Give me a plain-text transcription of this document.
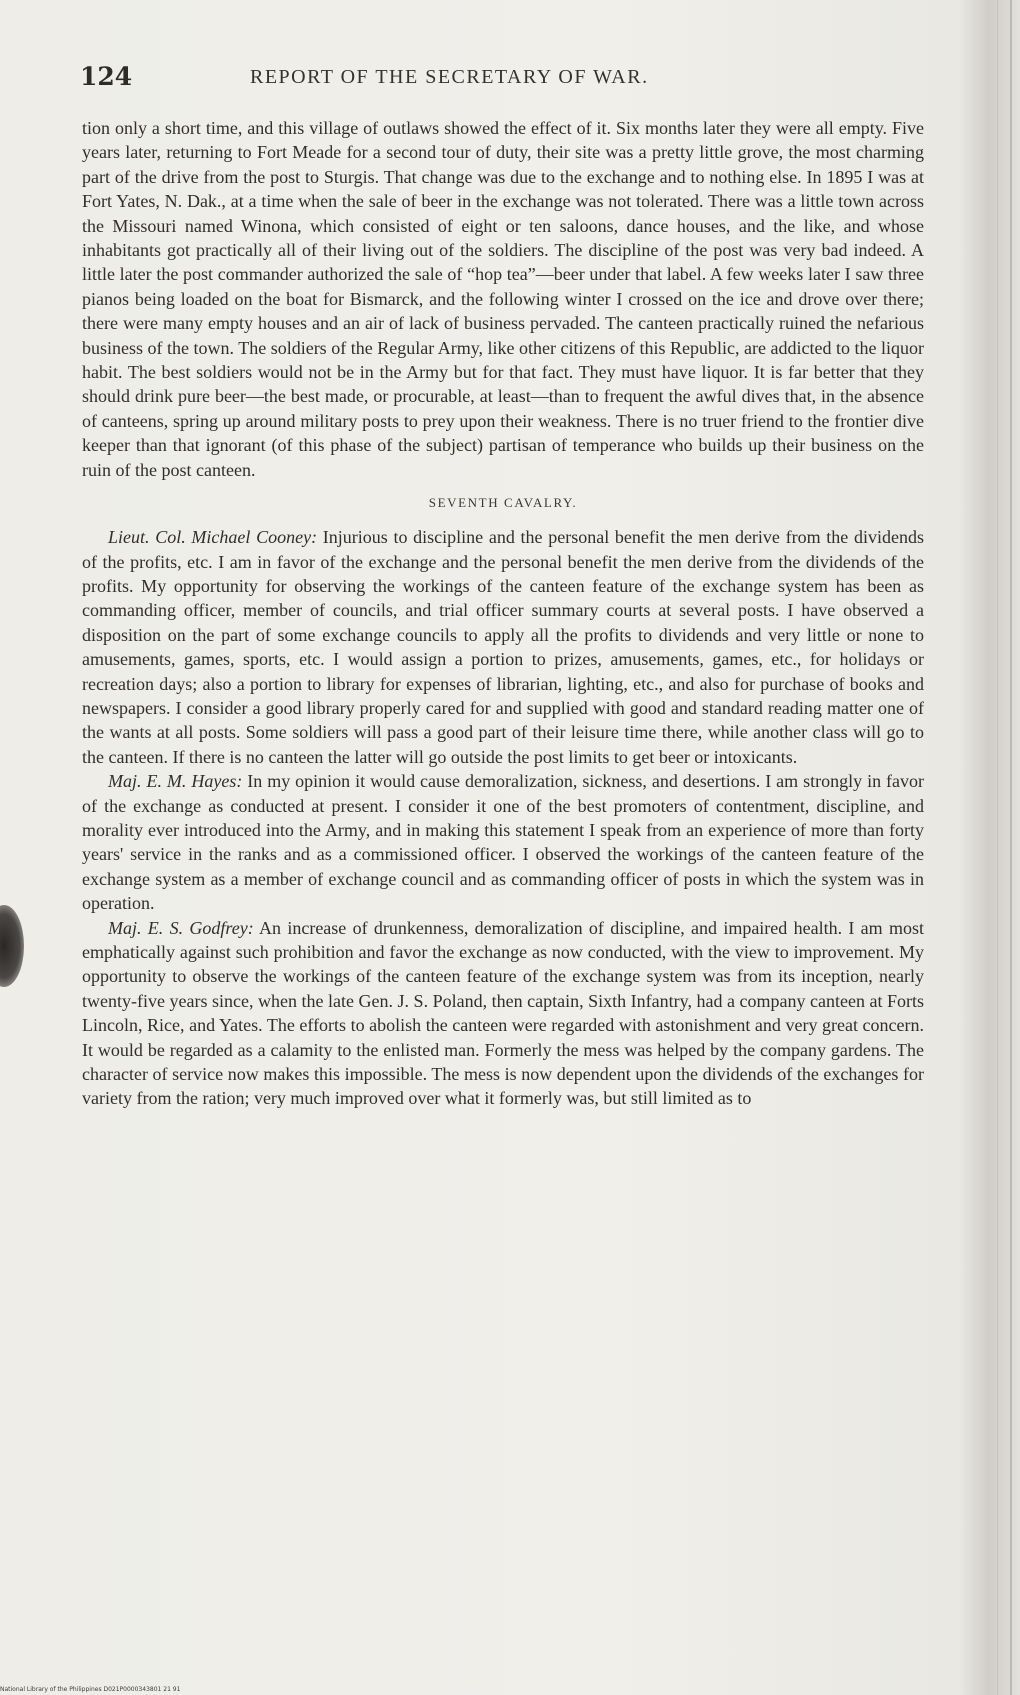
124	REPORT OF THE SECRETARY OF WAR.

tion only a short time, and this village of outlaws showed the effect of it. Six months later they were all empty. Five years later, returning to Fort Meade for a second tour of duty, their site was a pretty little grove, the most charming part of the drive from the post to Sturgis. That change was due to the exchange and to nothing else. In 1895 I was at Fort Yates, N. Dak., at a time when the sale of beer in the exchange was not tolerated. There was a little town across the Missouri named Winona, which consisted of eight or ten saloons, dance houses, and the like, and whose inhabitants got practically all of their living out of the soldiers. The discipline of the post was very bad indeed. A little later the post commander authorized the sale of “hop tea”—beer under that label. A few weeks later I saw three pianos being loaded on the boat for Bismarck, and the following winter I crossed on the ice and drove over there; there were many empty houses and an air of lack of business pervaded. The canteen practically ruined the nefarious business of the town. The soldiers of the Regular Army, like other citizens of this Republic, are addicted to the liquor habit. The best soldiers would not be in the Army but for that fact. They must have liquor. It is far better that they should drink pure beer—the best made, or procurable, at least—than to frequent the awful dives that, in the absence of canteens, spring up around military posts to prey upon their weakness. There is no truer friend to the frontier dive keeper than that ignorant (of this phase of the subject) partisan of temperance who builds up their business on the ruin of the post canteen.

SEVENTH CAVALRY.

Lieut. Col. Michael Cooney: Injurious to discipline and the personal benefit the men derive from the dividends of the profits, etc. I am in favor of the exchange and the personal benefit the men derive from the dividends of the profits. My opportunity for observing the workings of the canteen feature of the exchange system has been as commanding officer, member of councils, and trial officer summary courts at several posts. I have observed a disposition on the part of some exchange councils to apply all the profits to dividends and very little or none to amusements, games, sports, etc. I would assign a portion to prizes, amusements, games, etc., for holidays or recreation days; also a portion to library for expenses of librarian, lighting, etc., and also for purchase of books and newspapers. I consider a good library properly cared for and supplied with good and standard reading matter one of the wants at all posts. Some soldiers will pass a good part of their leisure time there, while another class will go to the canteen. If there is no canteen the latter will go outside the post limits to get beer or intoxicants.

Maj. E. M. Hayes: In my opinion it would cause demoralization, sickness, and desertions. I am strongly in favor of the exchange as conducted at present. I consider it one of the best promoters of contentment, discipline, and morality ever introduced into the Army, and in making this statement I speak from an experience of more than forty years' service in the ranks and as a commissioned officer. I observed the workings of the canteen feature of the exchange system as a member of exchange council and as commanding officer of posts in which the system was in operation.

Maj. E. S. Godfrey: An increase of drunkenness, demoralization of discipline, and impaired health. I am most emphatically against such prohibition and favor the exchange as now conducted, with the view to improvement. My opportunity to observe the workings of the canteen feature of the exchange system was from its inception, nearly twenty-five years since, when the late Gen. J. S. Poland, then captain, Sixth Infantry, had a company canteen at Forts Lincoln, Rice, and Yates. The efforts to abolish the canteen were regarded with astonishment and very great concern. It would be regarded as a calamity to the enlisted man. Formerly the mess was helped by the company gardens. The character of service now makes this impossible. The mess is now dependent upon the dividends of the exchanges for variety from the ration; very much improved over what it formerly was, but still limited as to

National Library of the Philippines D021P0000343801 21 91
